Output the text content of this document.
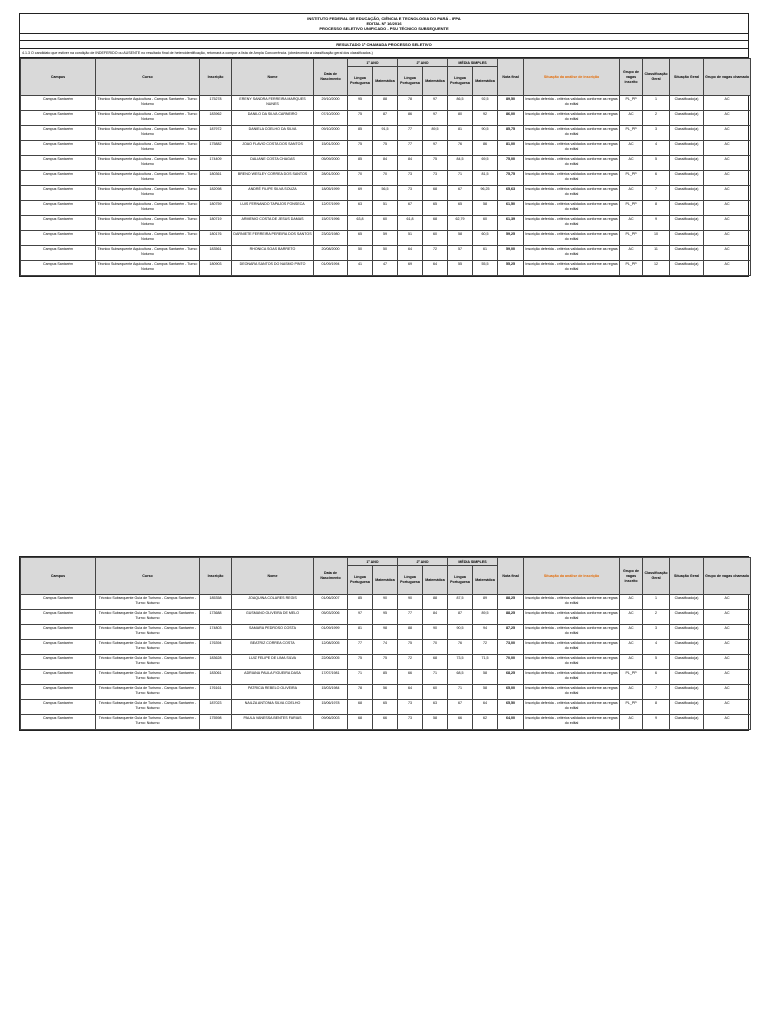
INSTITUTO FEDERAL DE EDUCAÇÃO, CIÊNCIA E TECNOLOGIA DO PARÁ - IFPA
EDITAL Nº 16/2016
PROCESSO SELETIVO UNIFICADO - PSU TÉCNICO SUBSEQUENTE
RESULTADO 1ª CHAMADA PROCESSO SELETIVO
4.1.3 O candidato que estiver na condição de INDEFERIDO ou AUSENTE no resultado final de heteroidentificação, retornará a compor a lista de Ampla Concorrência. (obedecendo a classificação geral dos classificados.)
Campus	Curso	Inscrição	Nome	Data de Nascimento	1º ANO		2º ANO		MÉDIA SIMPLES		Nota final	Situação da análise de inscrição	Grupo de vagas inscrito	Classificação Geral	Situação Geral	Grupo de vagas chamado
					Língua Portuguesa	Matemática	Língua Portuguesa	Matemática	Língua Portuguesa	Matemática						
Campus Santarém	Técnico Subsequente Aquicultura - Campus Santarém - Turno: Noturno	175278	ERENY SANDRA FERREIRA MARQUES NUNES	29/10/2000	95	88	78	97	86,5	92,5	89,50	Inscrição deferida - critérios validados conforme as regras do edital	PL_PP	1	Classificado(a)	AC
Campus Santarém	Técnico Subsequente Aquicultura - Campus Santarém - Turno: Noturno	183962	DANILO DA SILVA CARNEIRO	07/10/2000	75	87	86	97	80	92	86,00	Inscrição deferida - critérios validados conforme as regras do edital	AC	2	Classificado(a)	AC
Campus Santarém	Técnico Subsequente Aquicultura - Campus Santarém - Turno: Noturno	187972	DANIELA COELHO DA SILVA	09/10/2000	85	91,5	77	89,5	81	90,5	85,75	Inscrição deferida - critérios validados conforme as regras do edital	PL_PP	3	Classificado(a)	AC
Campus Santarém	Técnico Subsequente Aquicultura - Campus Santarém - Turno: Noturno	175882	JOAO FLAVIO COSTA DOS SANTOS	15/01/2000	75	75	77	97	76	86	81,00	Inscrição deferida - critérios validados conforme as regras do edital	AC	4	Classificado(a)	AC
Campus Santarém	Técnico Subsequente Aquicultura - Campus Santarém - Turno: Noturno	174409	DALIANE COSTA CHAGAS	05/09/2000	85	84	84	75	84,5	69,5	75,00	Inscrição deferida - critérios validados conforme as regras do edital	AC	5	Classificado(a)	AC
Campus Santarém	Técnico Subsequente Aquicultura - Campus Santarém - Turno: Noturno	180361	BRENO WESLEY CORREA DOS SANTOS	28/01/2000	70	70	73	73	71	81,5	75,75	Inscrição deferida - critérios validados conforme as regras do edital	PL_PP	6	Classificado(a)	AC
Campus Santarém	Técnico Subsequente Aquicultura - Campus Santarém - Turno: Noturno	182098	ANDRÉ FILIPE SILVA SOUZA	18/05/1999	69	56,5	73	68	67	96,25	65,63	Inscrição deferida - critérios validados conforme as regras do edital	AC	7	Classificado(a)	AC
Campus Santarém	Técnico Subsequente Aquicultura - Campus Santarém - Turno: Noturno	180759	LUIS FERNANDO TAPAJOS FONSECA	12/07/1999	63	51	67	65	65	58	61,50	Inscrição deferida - critérios validados conforme as regras do edital	PL_PP	8	Classificado(a)	AC
Campus Santarém	Técnico Subsequente Aquicultura - Campus Santarém - Turno: Noturno	180719	ARMENIO COSTA DE JESUS DAMAS	15/07/1996	63,8	60	61,8	68	62,79	60	61,39	Inscrição deferida - critérios validados conforme as regras do edital	AC	9	Classificado(a)	AC
Campus Santarém	Técnico Subsequente Aquicultura - Campus Santarém - Turno: Noturno	180176	DARNIETE FERREIRA PEREIRA DOS SANTOS	23/02/1980	65	59	51	60	58	60,5	59,25	Inscrição deferida - critérios validados conforme as regras do edital	PL_PP	10	Classificado(a)	AC
Campus Santarém	Técnico Subsequente Aquicultura - Campus Santarém - Turno: Noturno	183561	RHONICA SOAS BARRETO	20/08/2000	50	50	64	72	57	61	59,00	Inscrição deferida - critérios validados conforme as regras do edital	AC	11	Classificado(a)	AC
Campus Santarém	Técnico Subsequente Aquicultura - Campus Santarém - Turno: Noturno	180903	DEONARA SANTOS DO NASMO PINTO	01/09/1994	41	47	69	64	55	55,5	55,25	Inscrição deferida - critérios validados conforme as regras do edital	PL_PP	12	Classificado(a)	AC
Campus	Curso	Inscrição	Nome	Data de Nascimento	1º ANO		2º ANO		MÉDIA SIMPLES		Nota final	Situação da análise de inscrição	Grupo de vagas inscrito	Classificação Geral	Situação Geral	Grupo de vagas chamado
					Língua Portuguesa	Matemática	Língua Portuguesa	Matemática	Língua Portuguesa	Matemática						
Campus Santarém	Técnico Subsequente Guia de Turismo - Campus Santarém - Turno: Noturno	185358	JOAQUINA COLARES REGIS	01/06/2007	85	90	90	88	87,5	89	88,25	Inscrição deferida - critérios validados conforme as regras do edital	AC	1	Classificado(a)	AC
Campus Santarém	Técnico Subsequente Guia de Turismo - Campus Santarém - Turno: Noturno	173688	GUSMANO OLIVEIRA DE MELO	05/03/2006	97	95	77	84	87	89,5	88,25	Inscrição deferida - critérios validados conforme as regras do edital	AC	2	Classificado(a)	AC
Campus Santarém	Técnico Subsequente Guia de Turismo - Campus Santarém - Turno: Noturno	174803	SAMARA PEDROSO COSTA	01/09/1999	81	98	88	90	90,5	94	87,25	Inscrição deferida - critérios validados conforme as regras do edital	AC	3	Classificado(a)	AC
Campus Santarém	Técnico Subsequente Guia de Turismo - Campus Santarém - Turno: Noturno	176394	BEATRIZ CORREA COSTA	12/08/2005	77	74	75	70	76	72	73,00	Inscrição deferida - critérios validados conforme as regras do edital	AC	4	Classificado(a)	AC
Campus Santarém	Técnico Subsequente Guia de Turismo - Campus Santarém - Turno: Noturno	183628	LUIZ FELIPE DE LIMA SILVA	22/06/2005	75	75	72	68	73,5	71,5	70,00	Inscrição deferida - critérios validados conforme as regras do edital	AC	5	Classificado(a)	AC
Campus Santarém	Técnico Subsequente Guia de Turismo - Campus Santarém - Turno: Noturno	183061	ADRIANA PAULA FIGUEIRA DASA	17/07/1981	71	85	66	71	68,5	58	68,25	Inscrição deferida - critérios validados conforme as regras do edital	PL_PP	6	Classificado(a)	AC
Campus Santarém	Técnico Subsequente Guia de Turismo - Campus Santarém - Turno: Noturno	176161	PATRICIA REBELO OLIVEIRA	15/03/1984	78	56	64	60	71	58	65,00	Inscrição deferida - critérios validados conforme as regras do edital	AC	7	Classificado(a)	AC
Campus Santarém	Técnico Subsequente Guia de Turismo - Campus Santarém - Turno: Noturno	187023	NAILZA ANTONIA SILVA COELHO	15/06/1978	68	65	73	63	67	64	65,50	Inscrição deferida - critérios validados conforme as regras do edital	PL_PP	8	Classificado(a)	AC
Campus Santarém	Técnico Subsequente Guia de Turismo - Campus Santarém - Turno: Noturno	175598	PAULA VANESSA BENTES FARIAS	09/06/2003	68	66	73	58	66	62	64,00	Inscrição deferida - critérios validados conforme as regras do edital	AC	9	Classificado(a)	AC
